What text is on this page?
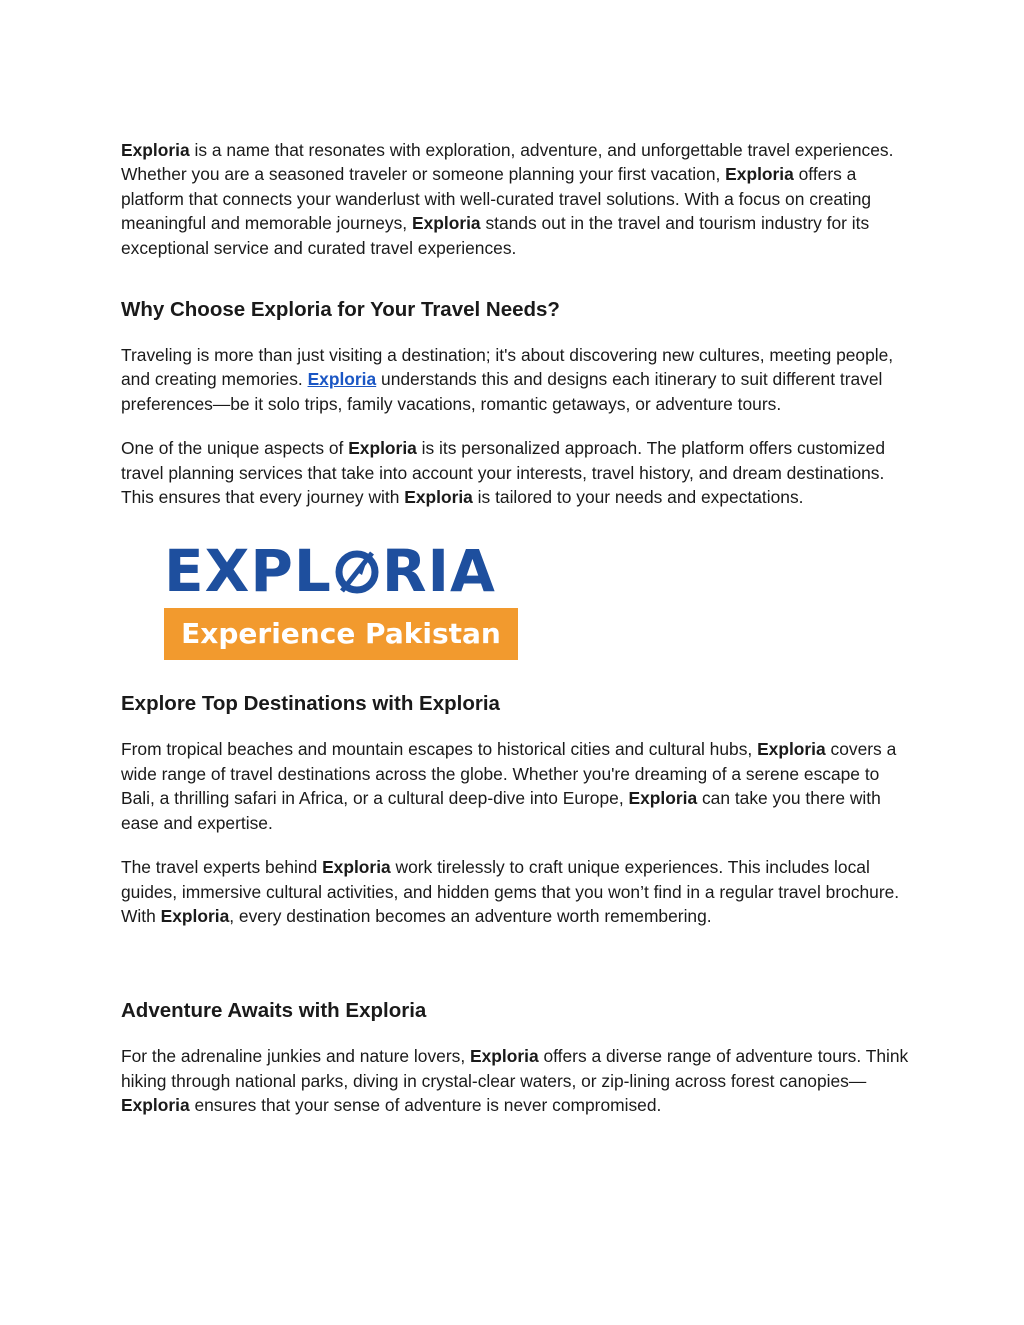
Exploria is a name that resonates with exploration, adventure, and unforgettable travel experiences. Whether you are a seasoned traveler or someone planning your first vacation, Exploria offers a platform that connects your wanderlust with well-curated travel solutions. With a focus on creating meaningful and memorable journeys, Exploria stands out in the travel and tourism industry for its exceptional service and curated travel experiences.

Why Choose Exploria for Your Travel Needs?

Traveling is more than just visiting a destination; it's about discovering new cultures, meeting people, and creating memories. Exploria understands this and designs each itinerary to suit different travel preferences—be it solo trips, family vacations, romantic getaways, or adventure tours.

One of the unique aspects of Exploria is its personalized approach. The platform offers customized travel planning services that take into account your interests, travel history, and dream destinations. This ensures that every journey with Exploria is tailored to your needs and expectations.

EXPL RIA
Experience Pakistan
Explore Top Destinations with Exploria

From tropical beaches and mountain escapes to historical cities and cultural hubs, Exploria covers a wide range of travel destinations across the globe. Whether you're dreaming of a serene escape to Bali, a thrilling safari in Africa, or a cultural deep-dive into Europe, Exploria can take you there with ease and expertise.

The travel experts behind Exploria work tirelessly to craft unique experiences. This includes local guides, immersive cultural activities, and hidden gems that you won’t find in a regular travel brochure. With Exploria, every destination becomes an adventure worth remembering.

Adventure Awaits with Exploria

For the adrenaline junkies and nature lovers, Exploria offers a diverse range of adventure tours. Think hiking through national parks, diving in crystal-clear waters, or zip-lining across forest canopies—Exploria ensures that your sense of adventure is never compromised.
